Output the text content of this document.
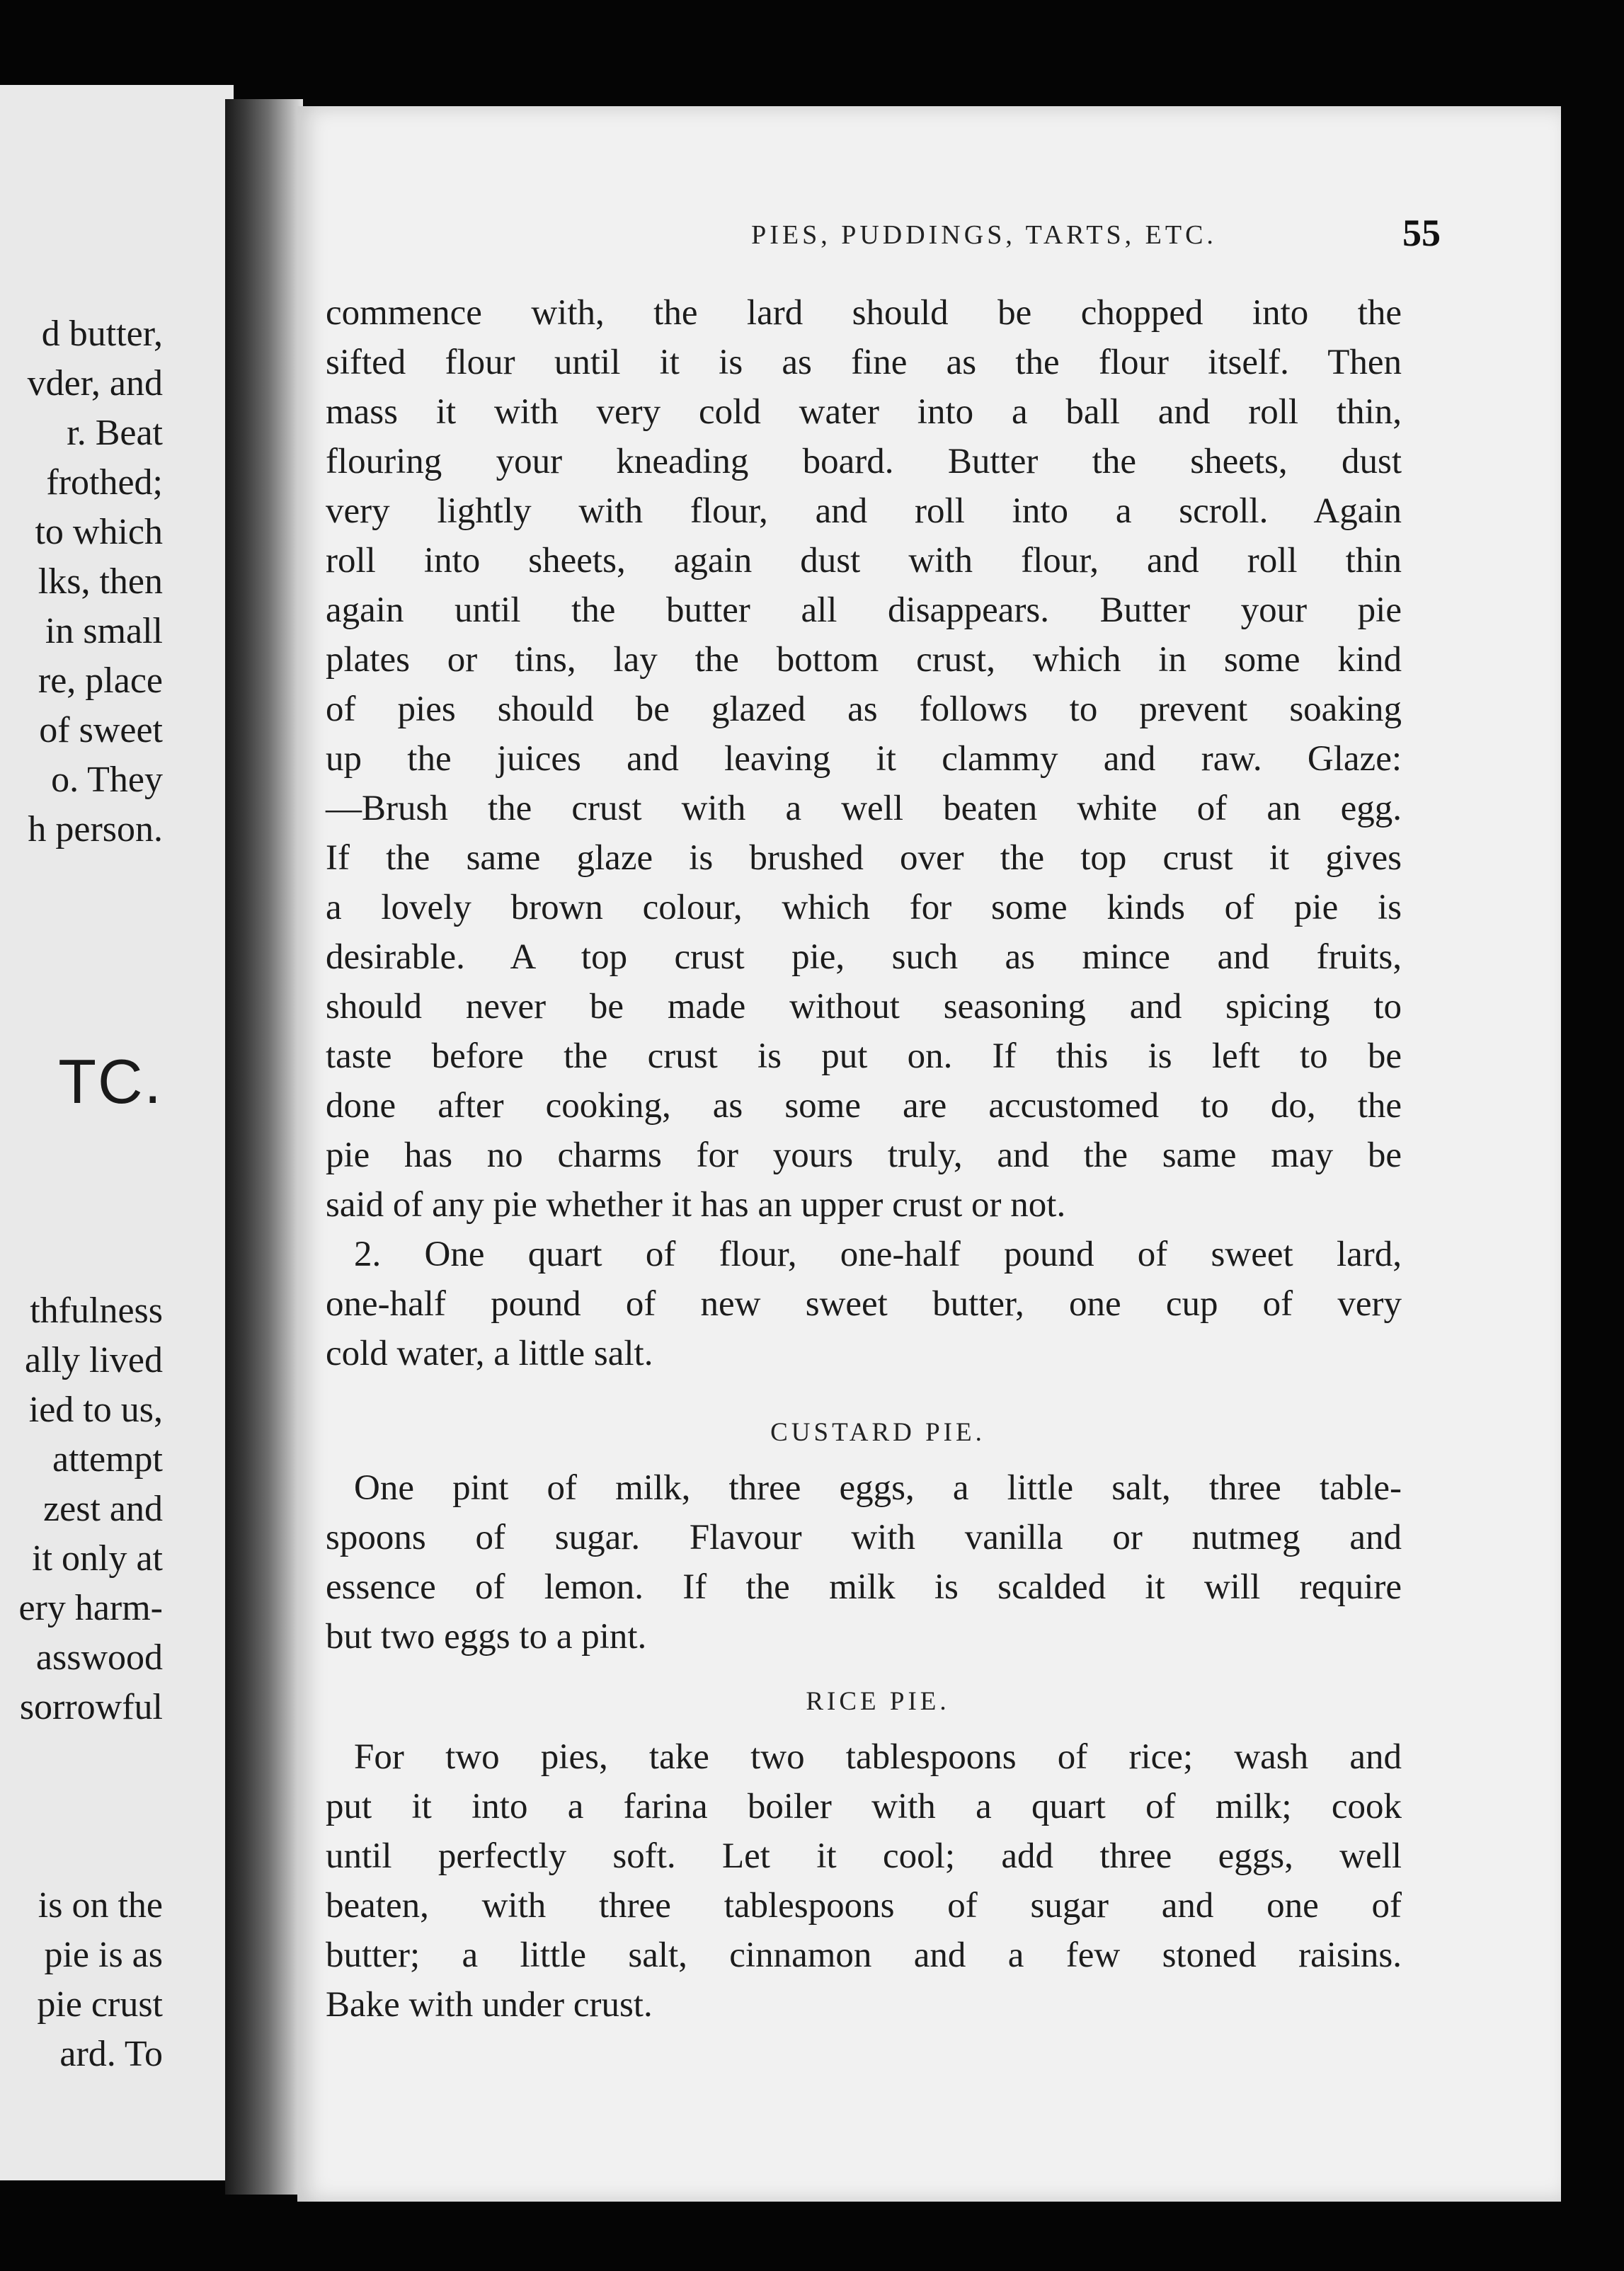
d butter,
vder, and
r. Beat
frothed;
to which
lks, then
in small
re, place
of sweet
o. They
h person.
TC.
thfulness
ally lived
ied to us,
attempt
zest and
it only at
ery harm-
asswood
sorrowful
is on the
pie is as
pie crust
ard. To
PIES, PUDDINGS, TARTS, ETC.	55
commence with, the lard should be chopped into the
sifted flour until it is as fine as the flour itself. Then
mass it with very cold water into a ball and roll thin,
flouring your kneading board. Butter the sheets, dust
very lightly with flour, and roll into a scroll. Again
roll into sheets, again dust with flour, and roll thin
again until the butter all disappears. Butter your pie
plates or tins, lay the bottom crust, which in some kind
of pies should be glazed as follows to prevent soaking
up the juices and leaving it clammy and raw. Glaze:
—Brush the crust with a well beaten white of an egg.
If the same glaze is brushed over the top crust it gives
a lovely brown colour, which for some kinds of pie is
desirable. A top crust pie, such as mince and fruits,
should never be made without seasoning and spicing to
taste before the crust is put on. If this is left to be
done after cooking, as some are accustomed to do, the
pie has no charms for yours truly, and the same may be
said of any pie whether it has an upper crust or not.
2. One quart of flour, one-half pound of sweet lard,
one-half pound of new sweet butter, one cup of very
cold water, a little salt.
CUSTARD PIE.
One pint of milk, three eggs, a little salt, three table-
spoons of sugar. Flavour with vanilla or nutmeg and
essence of lemon. If the milk is scalded it will require
but two eggs to a pint.
RICE PIE.
For two pies, take two tablespoons of rice; wash and
put it into a farina boiler with a quart of milk; cook
until perfectly soft. Let it cool; add three eggs, well
beaten, with three tablespoons of sugar and one of
butter; a little salt, cinnamon and a few stoned raisins.
Bake with under crust.
